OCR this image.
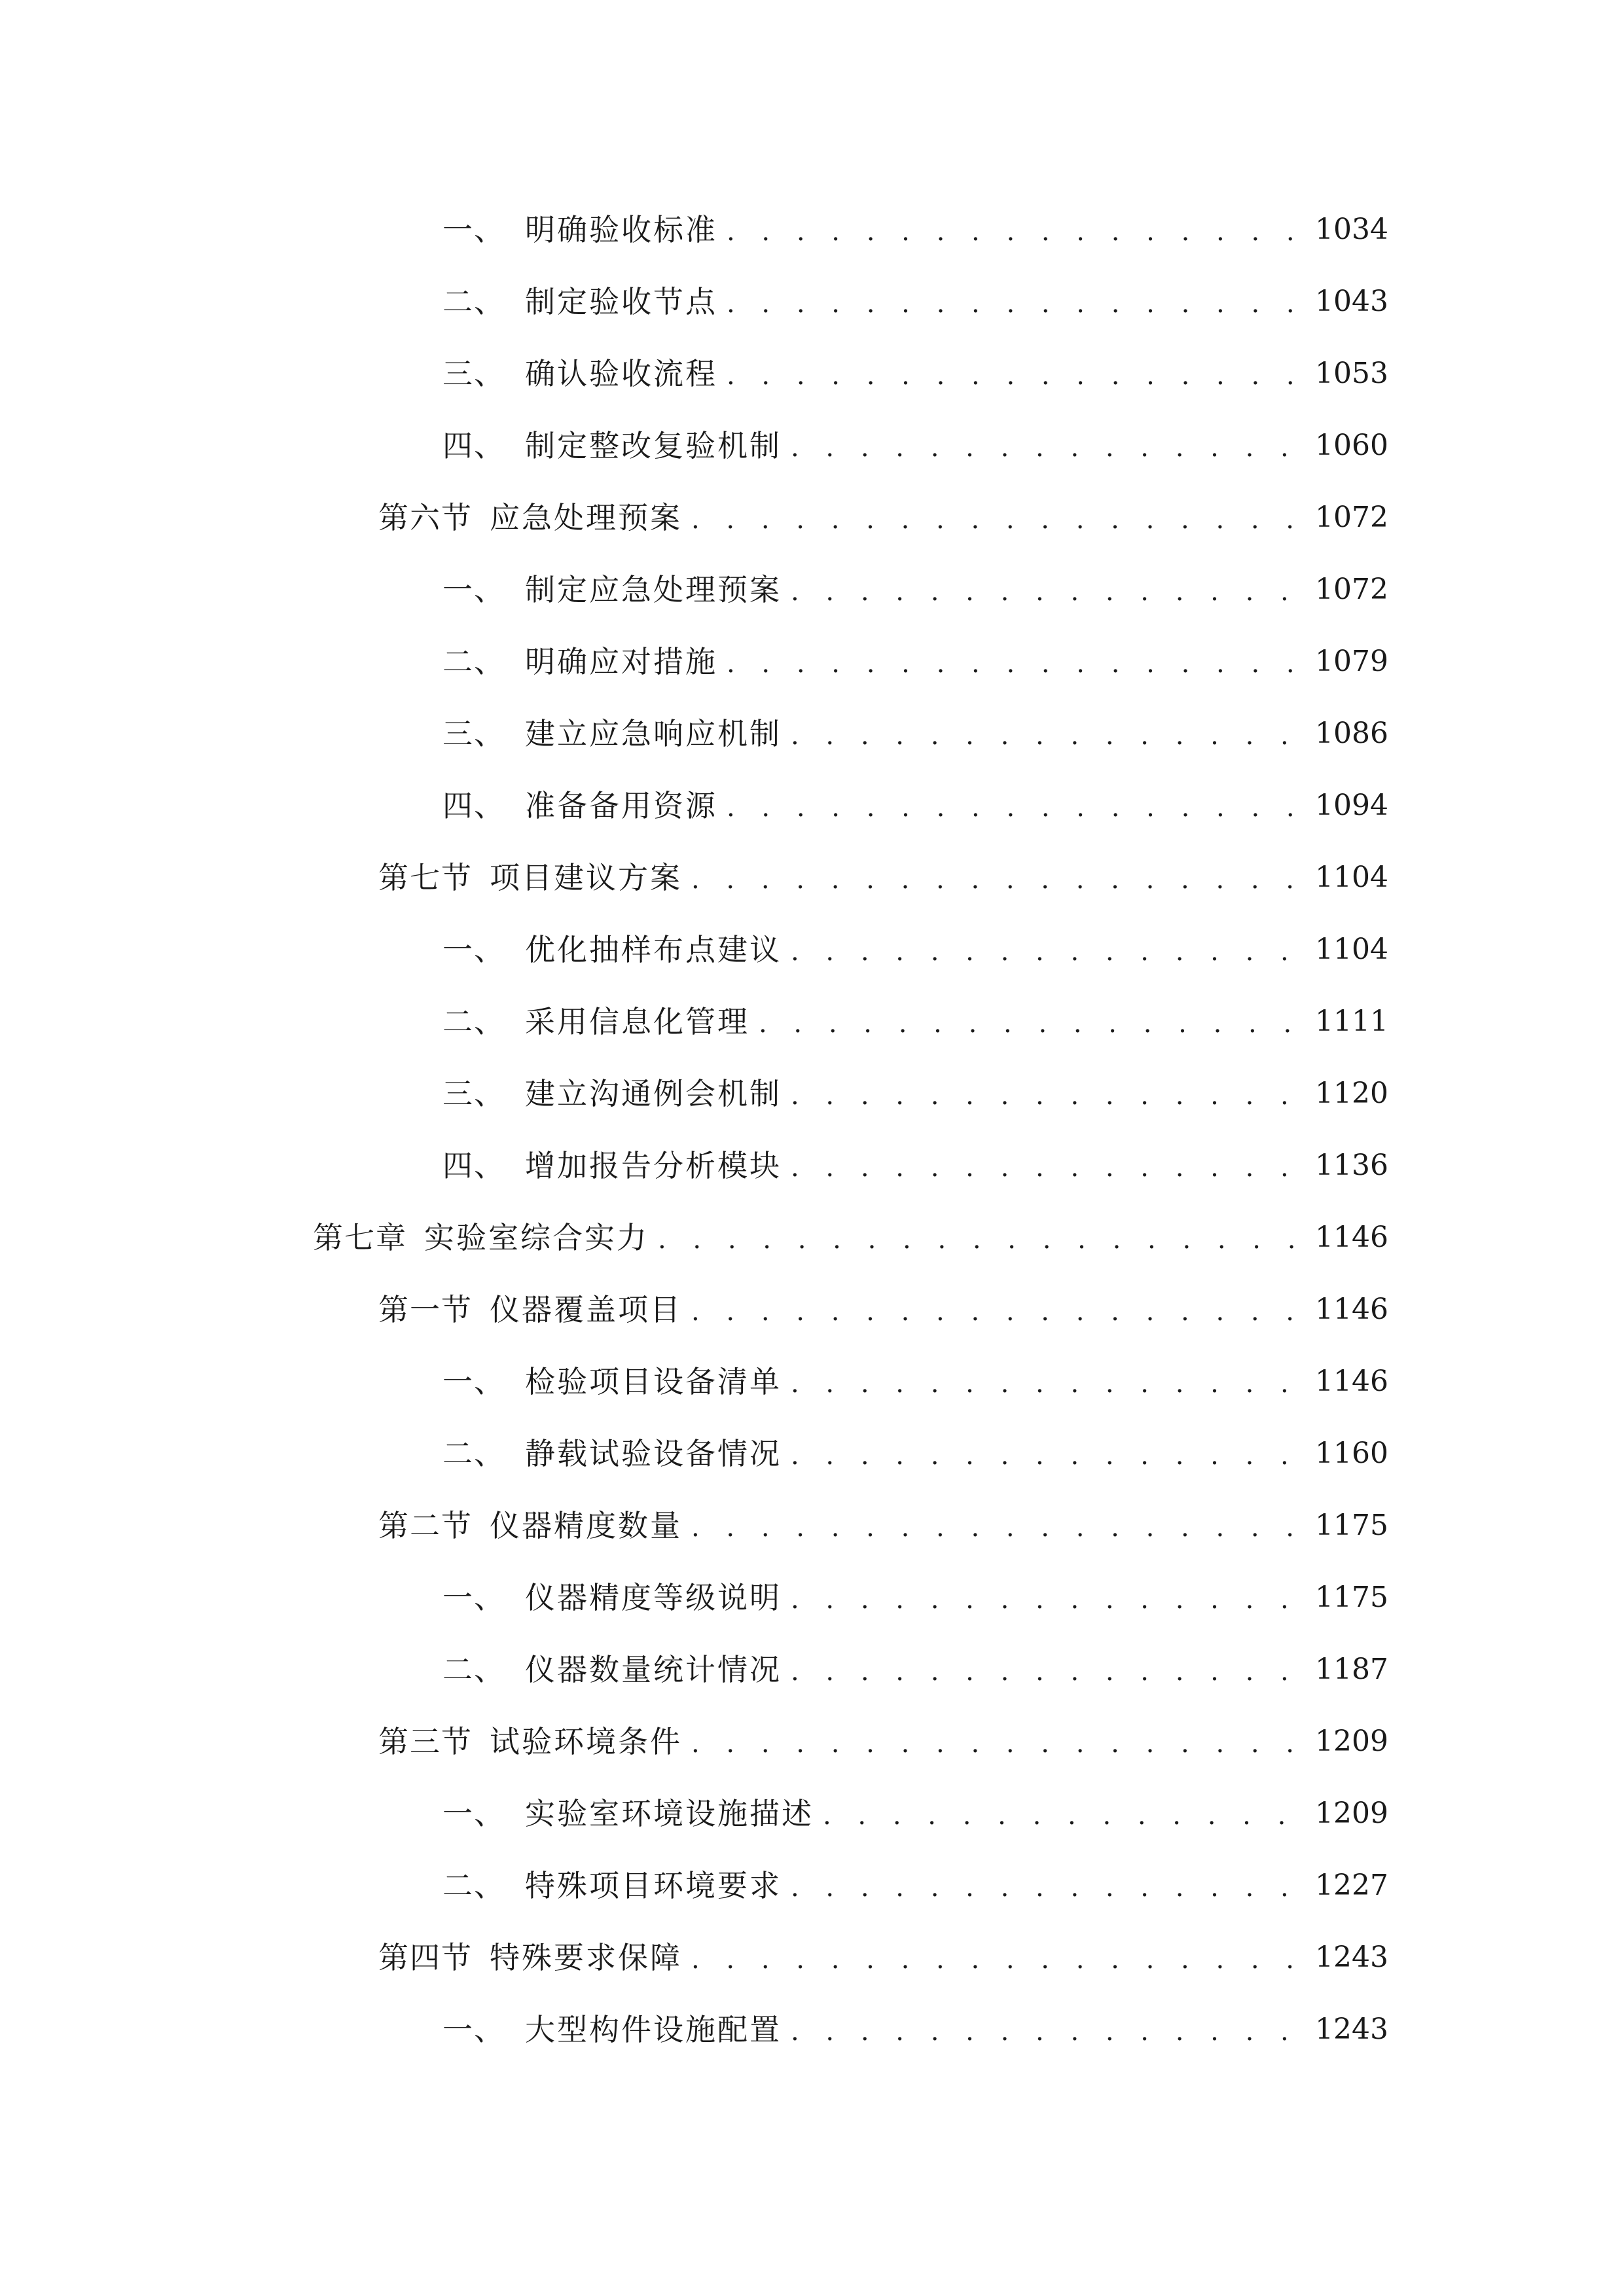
一、 明确验收标准 . . .	1034
二、 制定验收节点 . . .	1043
三、 确认验收流程 . . .	1053
四、 制定整改复验机制 . . .	1060
第六节 应急处理预案 . . .	1072
一、 制定应急处理预案 . . .	1072
二、 明确应对措施 . . .	1079
三、 建立应急响应机制 . . .	1086
四、 准备备用资源 . . .	1094
第七节 项目建议方案 . . .	1104
一、 优化抽样布点建议 . . .	1104
二、 采用信息化管理 . . .	1111
三、 建立沟通例会机制 . . .	1120
四、 增加报告分析模块 . . .	1136
第七章 实验室综合实力 . . .	1146
第一节 仪器覆盖项目 . . .	1146
一、 检验项目设备清单 . . .	1146
二、 静载试验设备情况 . . .	1160
第二节 仪器精度数量 . . .	1175
一、 仪器精度等级说明 . . .	1175
二、 仪器数量统计情况 . . .	1187
第三节 试验环境条件 . . .	1209
一、 实验室环境设施描述 . . .	1209
二、 特殊项目环境要求 . . .	1227
第四节 特殊要求保障 . . .	1243
一、 大型构件设施配置 . . .	1243
